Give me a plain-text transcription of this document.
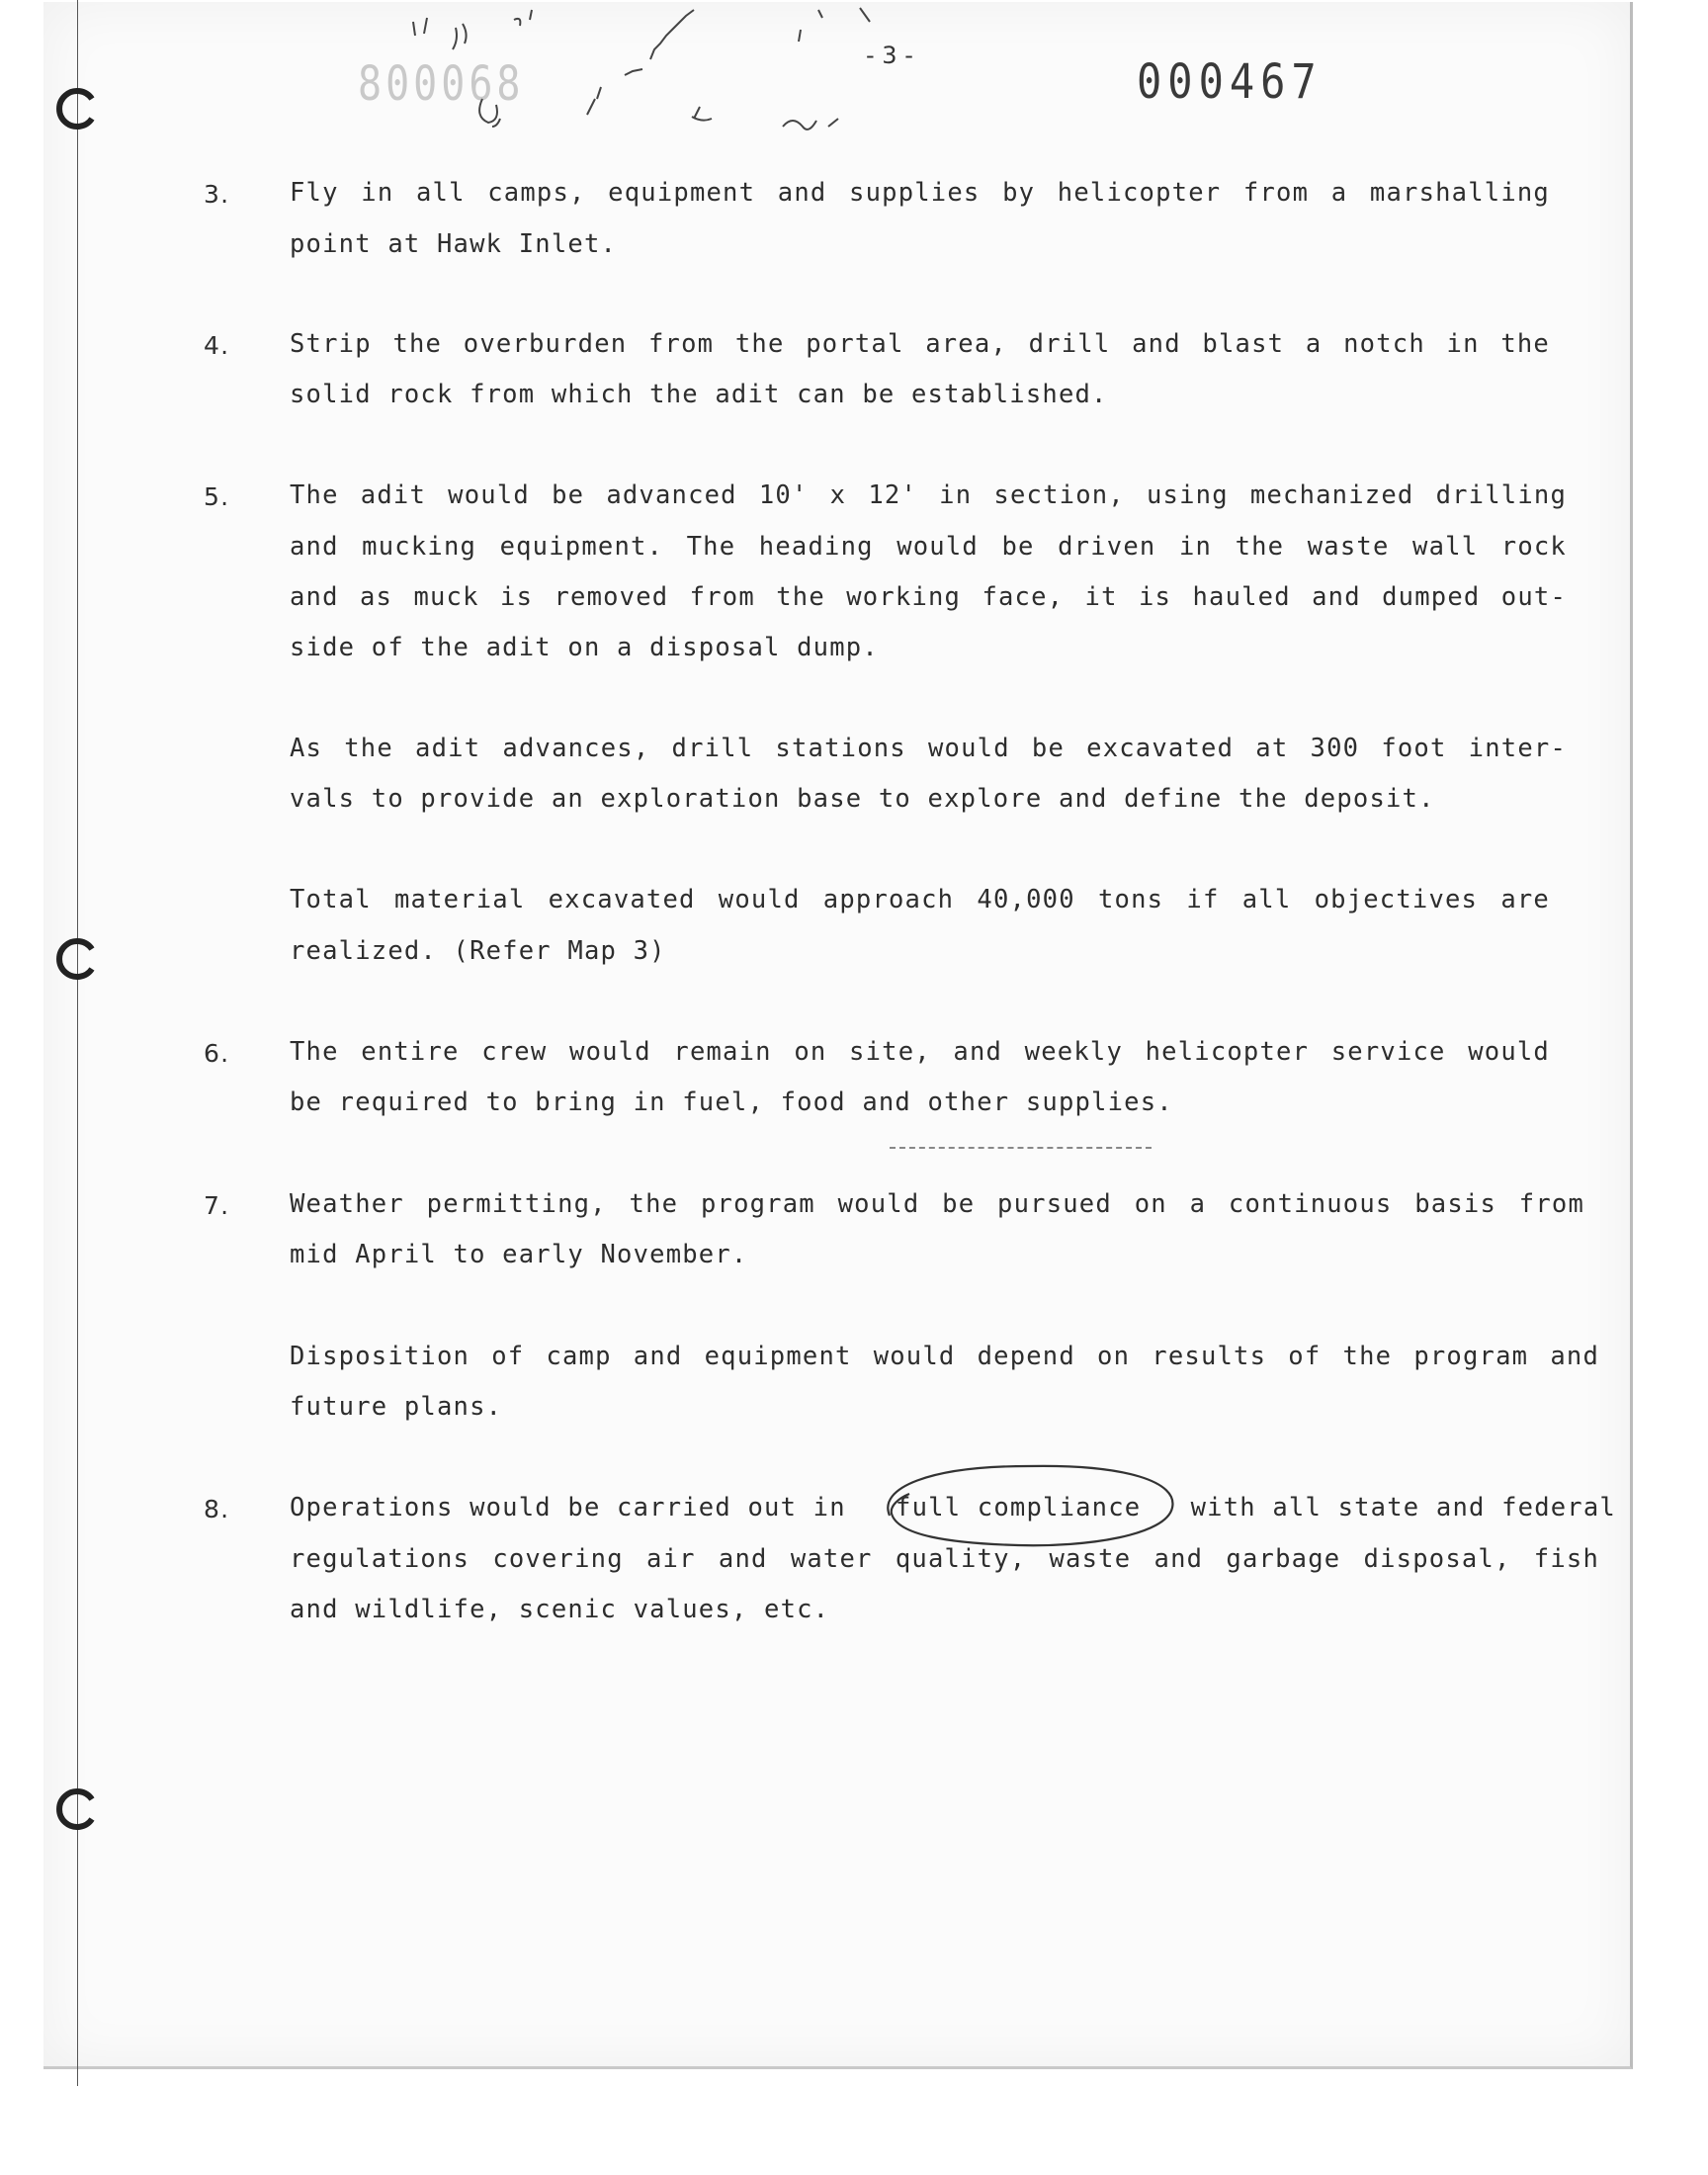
800068
- 3 -	000467
3. Fly in all camps, equipment and supplies by helicopter from a marshalling
point at Hawk Inlet.
4. Strip the overburden from the portal area, drill and blast a notch in the
solid rock from which the adit can be established.
5. The adit would be advanced 10' x 12' in section, using mechanized drilling
and mucking equipment. The heading would be driven in the waste wall rock
and as muck is removed from the working face, it is hauled and dumped out-
side of the adit on a disposal dump.
As the adit advances, drill stations would be excavated at 300 foot inter-
vals to provide an exploration base to explore and define the deposit.
Total material excavated would approach 40,000 tons if all objectives are
realized. (Refer Map 3)
6. The entire crew would remain on site, and weekly helicopter service would
be required to bring in fuel, food and other supplies.
7. Weather permitting, the program would be pursued on a continuous basis from
mid April to early November.
Disposition of camp and equipment would depend on results of the program and
future plans.
8. Operations would be carried out in full compliance with all state and federal
regulations covering air and water quality, waste and garbage disposal, fish
and wildlife, scenic values, etc.
